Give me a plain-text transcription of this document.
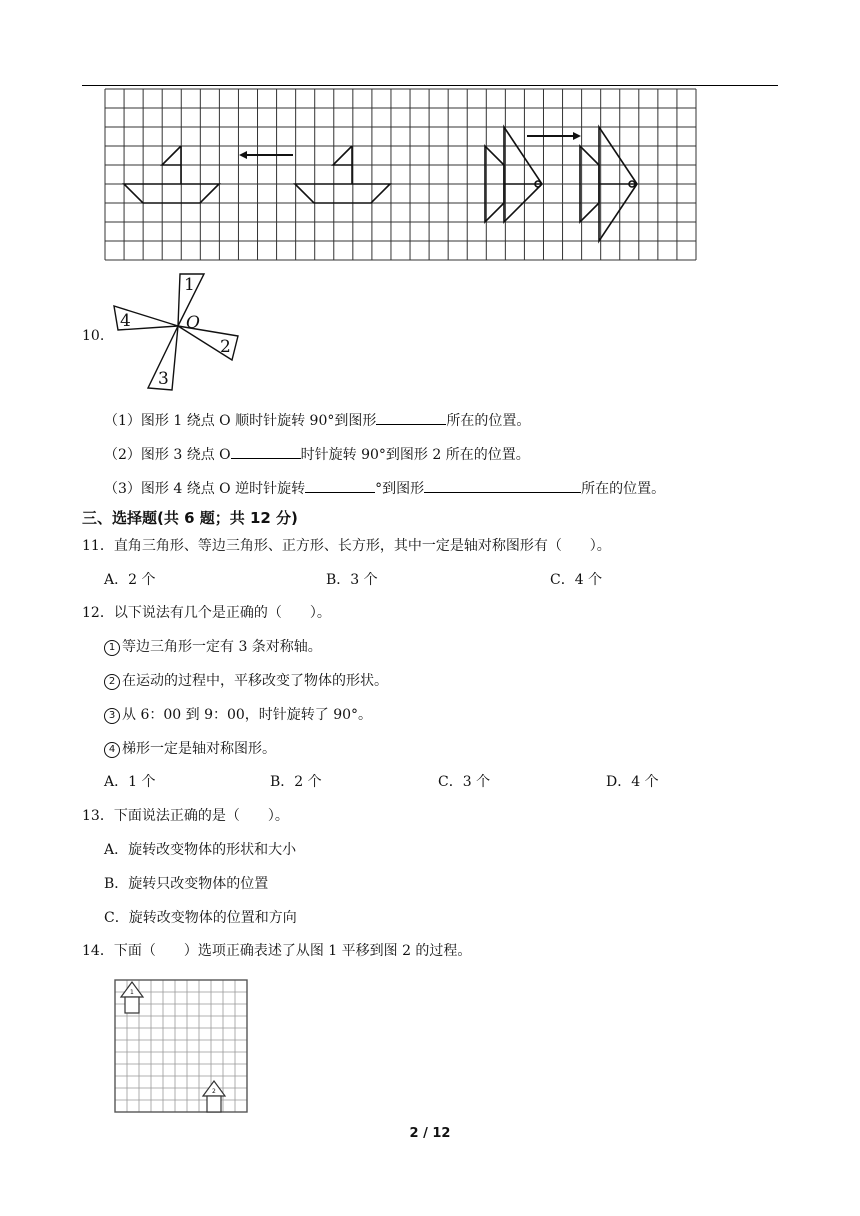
10.
1
4
2
3
O
（1）图形 1 绕点 O 顺时针旋转 90°到图形	所在的位置。
（2）图形 3 绕点 O	时针旋转 90°到图形 2 所在的位置。
（3）图形 4 绕点 O 逆时针旋转	°到图形	所在的位置。
三、选择题(共 6 题；共 12 分)
11．直角三角形、等边三角形、正方形、长方形，其中一定是轴对称图形有（　　）。
A．2 个	B．3 个	C．4 个
12．以下说法有几个是正确的（　　）。
1 等边三角形一定有 3 条对称轴。
2 在运动的过程中，平移改变了物体的形状。
3 从 6：00 到 9：00，时针旋转了 90°。
4 梯形一定是轴对称图形。
A．1 个	B．2 个	C．3 个	D．4 个
13．下面说法正确的是（　　）。
A．旋转改变物体的形状和大小
B．旋转只改变物体的位置
C．旋转改变物体的位置和方向
14．下面（　　）选项正确表述了从图 1 平移到图 2 的过程。
1
2
2 / 12
